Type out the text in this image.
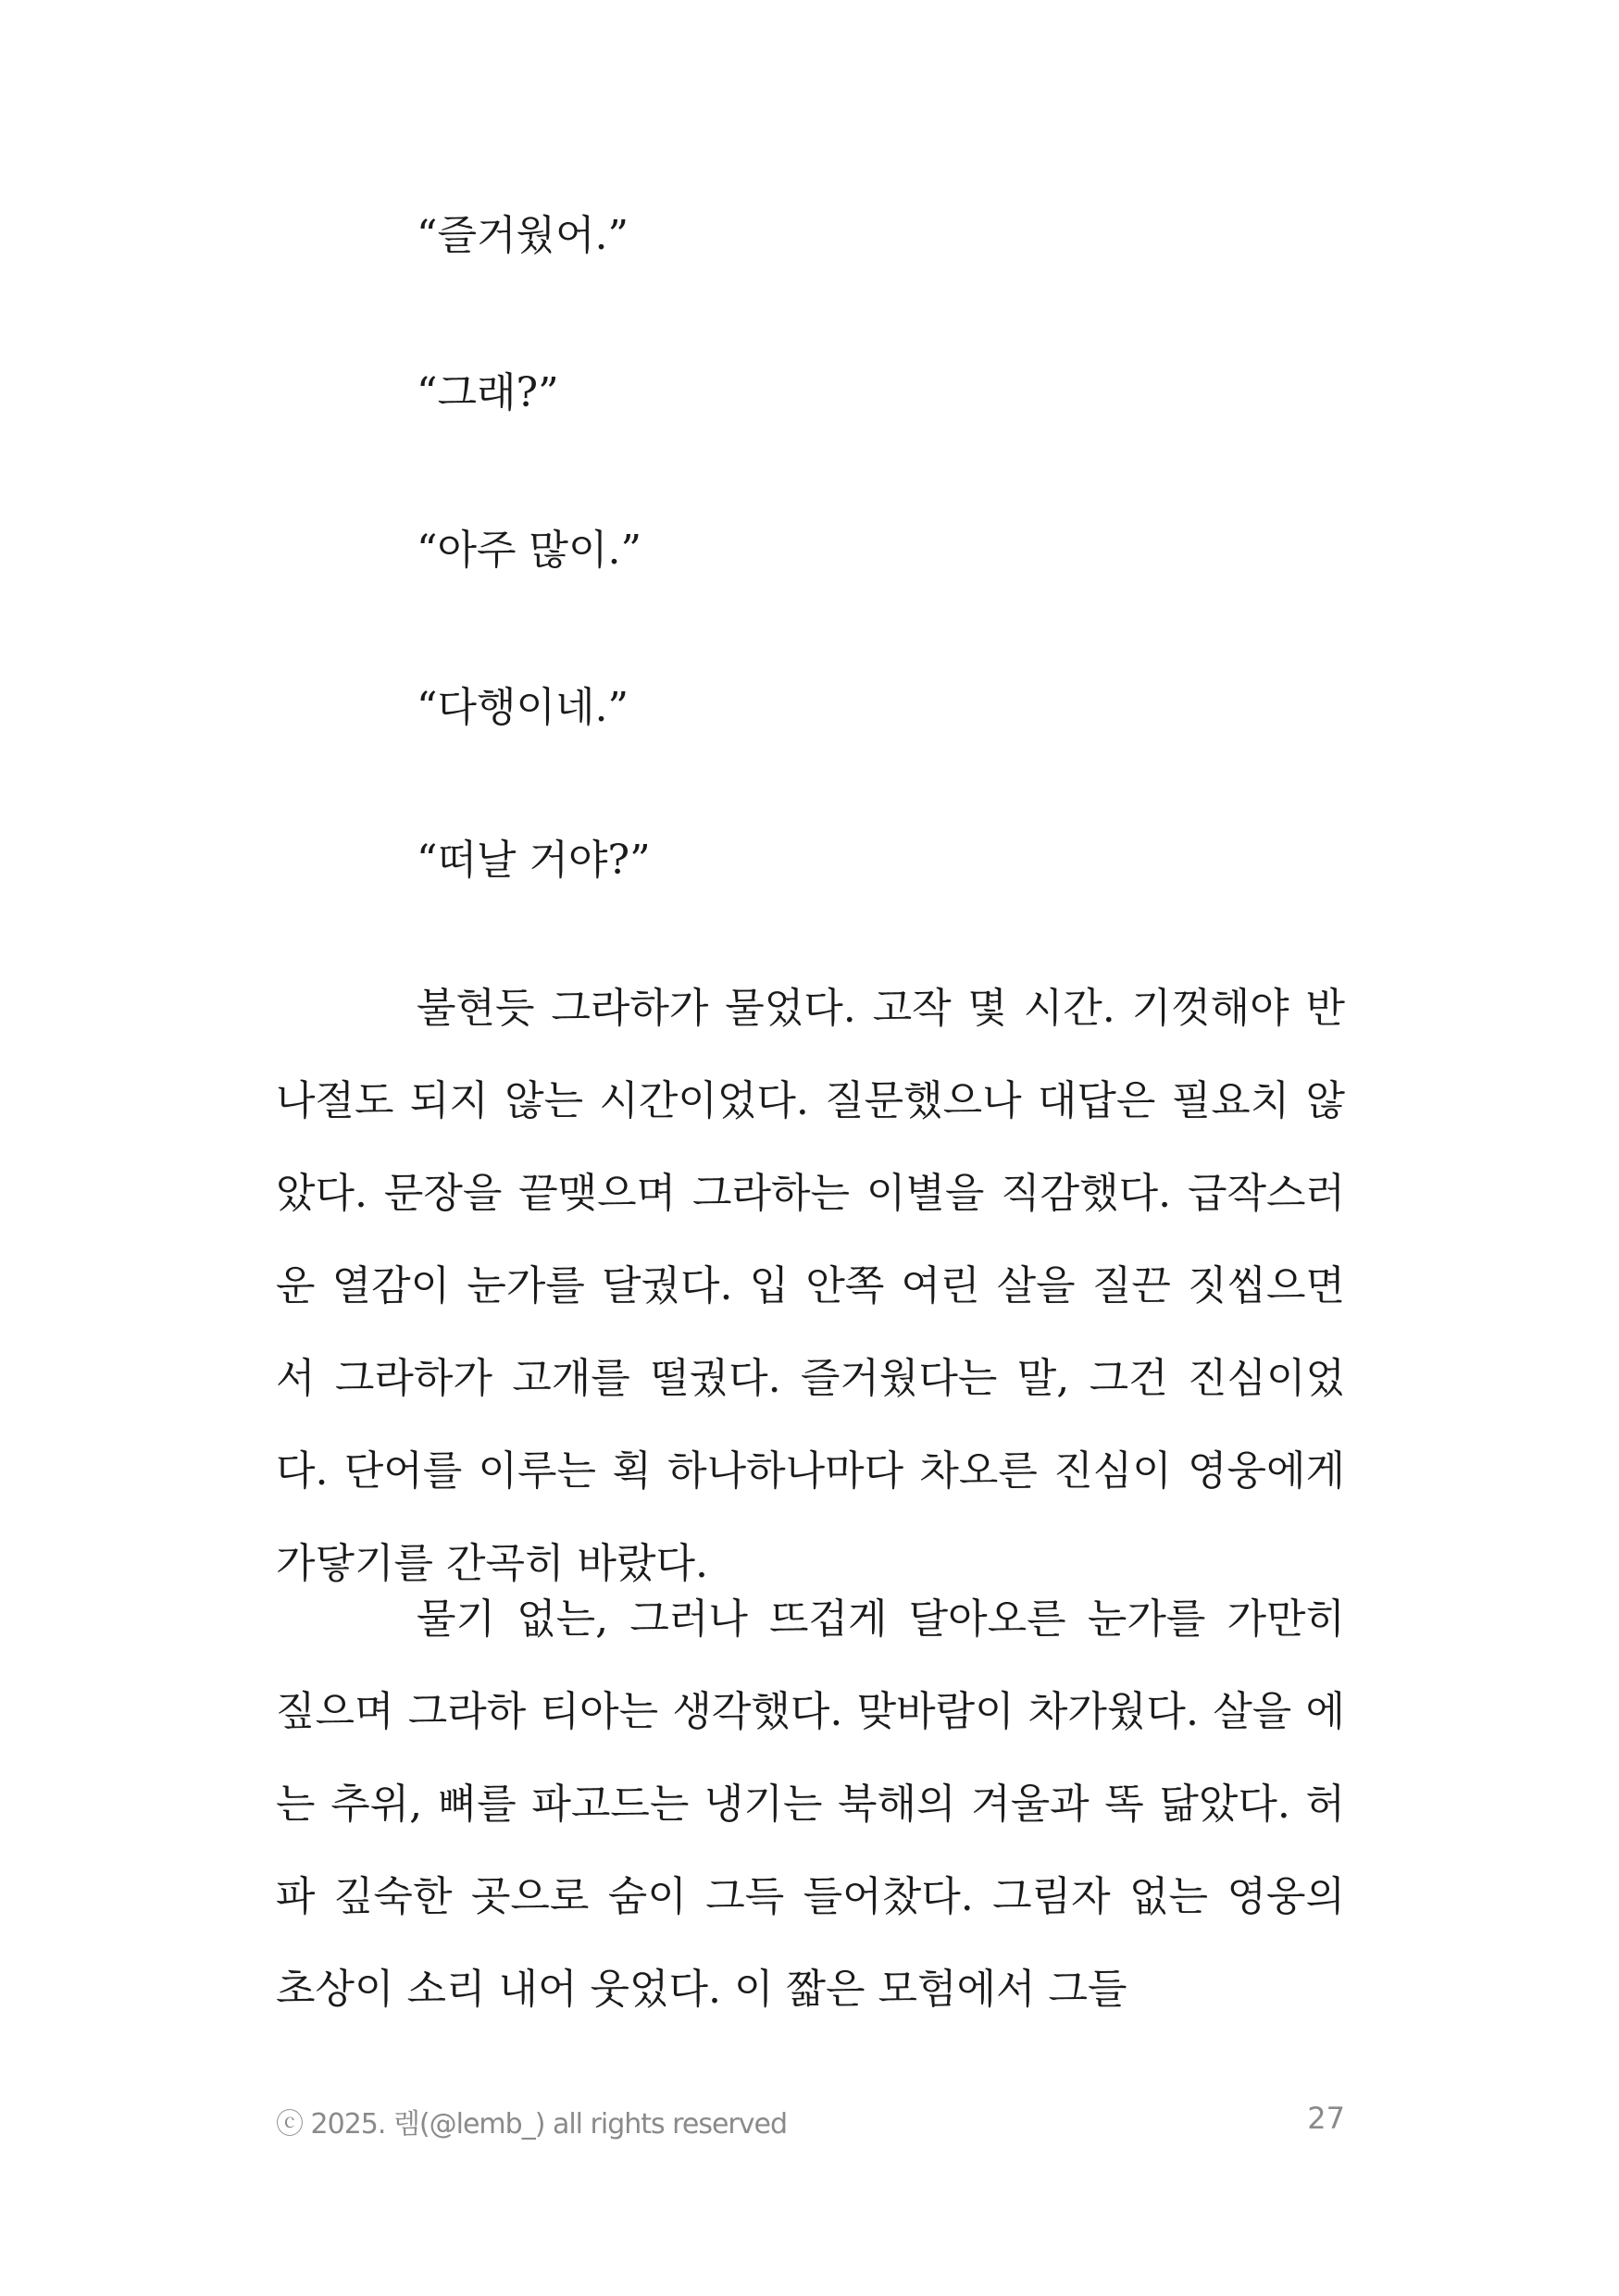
“즐거웠어.”
“그래?”
“아주 많이.”
“다행이네.”
“떠날 거야?”

불현듯 그라하가 물었다. 고작 몇 시간. 기껏해야 반나절도 되지 않는 시간이었다. 질문했으나 대답은 필요치 않았다. 문장을 끝맺으며 그라하는 이별을 직감했다. 급작스러운 열감이 눈가를 달궜다. 입 안쪽 여린 살을 질끈 짓씹으면서 그라하가 고개를 떨궜다. 즐거웠다는 말, 그건 진심이었다. 단어를 이루는 획 하나하나마다 차오른 진심이 영웅에게 가닿기를 간곡히 바랐다.

물기 없는, 그러나 뜨겁게 달아오른 눈가를 가만히 짚으며 그라하 티아는 생각했다. 맞바람이 차가웠다. 살을 에는 추위, 뼈를 파고드는 냉기는 북해의 겨울과 똑 닮았다. 허파 깊숙한 곳으로 숨이 그득 들어찼다. 그림자 없는 영웅의 초상이 소리 내어 웃었다. 이 짧은 모험에서 그들

ⓒ 2025. 렘(@lemb_) all rights reserved	27
